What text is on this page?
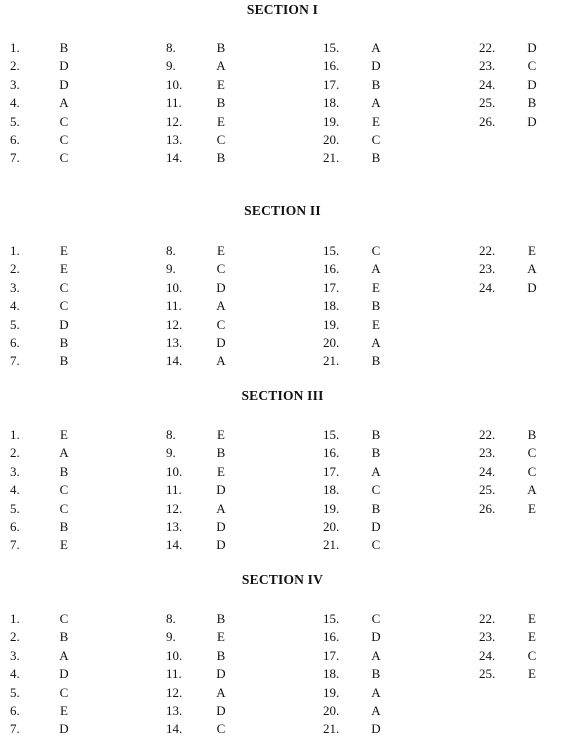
SECTION I
1.	B
2.	D
3.	D
4.	A
5.	C
6.	C
7.	C
8.	B
9.	A
10.	E
11.	B
12.	E
13.	C
14.	B
15.	A
16.	D
17.	B
18.	A
19.	E
20.	C
21.	B
22.	D
23.	C
24.	D
25.	B
26.	D
SECTION II
1.	E
2.	E
3.	C
4.	C
5.	D
6.	B
7.	B
8.	E
9.	C
10.	D
11.	A
12.	C
13.	D
14.	A
15.	C
16.	A
17.	E
18.	B
19.	E
20.	A
21.	B
22.	E
23.	A
24.	D
SECTION III
1.	E
2.	A
3.	B
4.	C
5.	C
6.	B
7.	E
8.	E
9.	B
10.	E
11.	D
12.	A
13.	D
14.	D
15.	B
16.	B
17.	A
18.	C
19.	B
20.	D
21.	C
22.	B
23.	C
24.	C
25.	A
26.	E
SECTION IV
1.	C
2.	B
3.	A
4.	D
5.	C
6.	E
7.	D
8.	B
9.	E
10.	B
11.	D
12.	A
13.	D
14.	C
15.	C
16.	D
17.	A
18.	B
19.	A
20.	A
21.	D
22.	E
23.	E
24.	C
25.	E
